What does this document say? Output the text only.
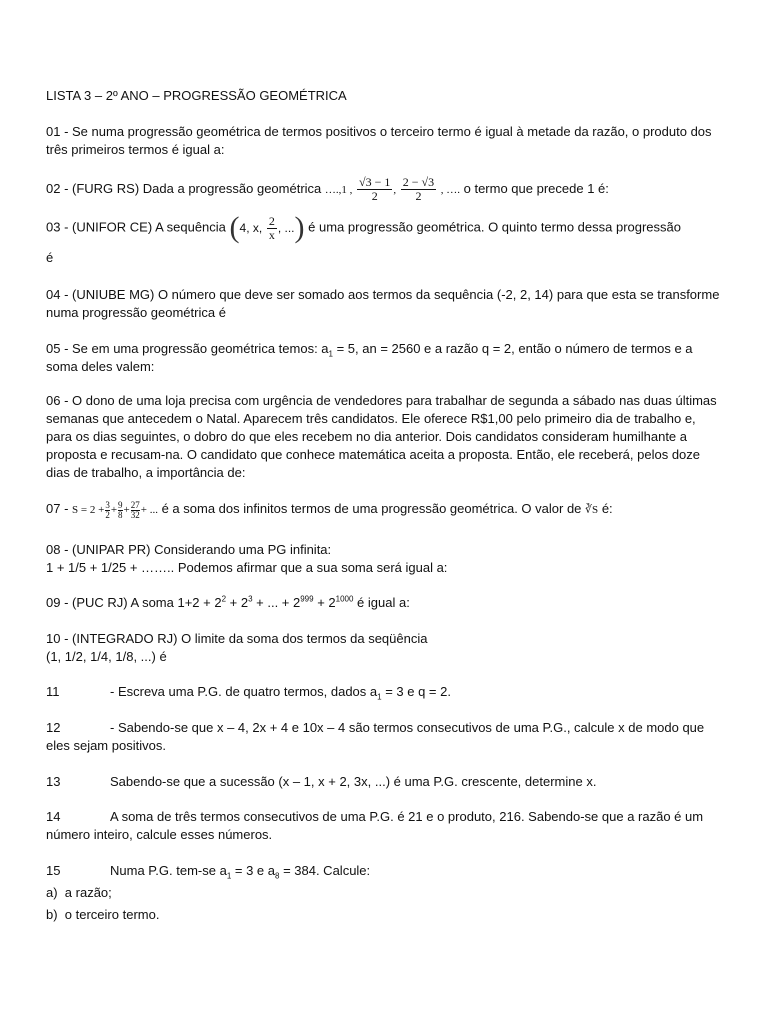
LISTA 3 – 2º ANO – PROGRESSÃO GEOMÉTRICA
01 - Se numa progressão geométrica de termos positivos o terceiro termo é igual à metade da razão, o produto dos três primeiros termos é igual a:
02 - (FURG RS) Dada a progressão geométrica ….,1 , $\frac{√3 - 1}{2}$ , $\frac{2 - √3}{2}$ , …. o termo que precede 1 é:
03 - (UNIFOR CE) A sequência (4, x, $\frac{2}{x}$ , ...) é uma progressão geométrica. O quinto termo dessa progressão
é
04 - (UNIUBE MG) O número que deve ser somado aos termos da sequência (-2, 2, 14) para que esta se transforme numa progressão geométrica é
05 - Se em uma progressão geométrica temos: $a_1 = 5$, an = 2560 e a razão q = 2, então o número de termos e a soma deles valem:
06 - O dono de uma loja precisa com urgência de vendedores para trabalhar de segunda a sábado nas duas últimas semanas que antecedem o Natal. Aparecem três candidatos. Ele oferece R$1,00 pelo primeiro dia de trabalho e, para os dias seguintes, o dobro do que eles recebem no dia anterior. Dois candidatos consideram humilhante a proposta e recusam-na. O candidato que conhece matemática aceita a proposta. Então, ele receberá, pelos doze dias de trabalho, a importância de:
$07 - S = 2 + \frac{3}{2} + \frac{9}{8} + \frac{27}{32}$ + ... é a soma dos infinitos termos de uma progressão geométrica. O valor de ∛S é:
08 - (UNIPAR PR) Considerando uma PG infinita:
1 + 1/5 + 1/25 + …….. Podemos afirmar que a sua soma será igual a:
09 - (PUC RJ) A soma $1+2 + 2^2 + 2^3$ + ... + $2^{999} + 2^{1000}$ é igual a:
10 - (INTEGRADO RJ) O limite da soma dos termos da seqüência
(1, 1/2, 1/4, 1/8, ...) é
11	- Escreva uma P.G. de quatro termos, dados $a_1 = 3$ e q = 2.
12	- Sabendo-se que x – 4, 2x + 4 e 10x – 4 são termos consecutivos de uma P.G., calcule x de modo que eles sejam positivos.
13	Sabendo-se que a sucessão (x – 1, x + 2, 3x, ...) é uma P.G. crescente, determine x.
14	A soma de três termos consecutivos de uma P.G. é 21 e o produto, 216. Sabendo-se que a razão é um número inteiro, calcule esses números.
15	Numa P.G. tem-se $a_1 = 3$ e $a_8 = 384$. Calcule:
a) a razão;
b) o terceiro termo.
